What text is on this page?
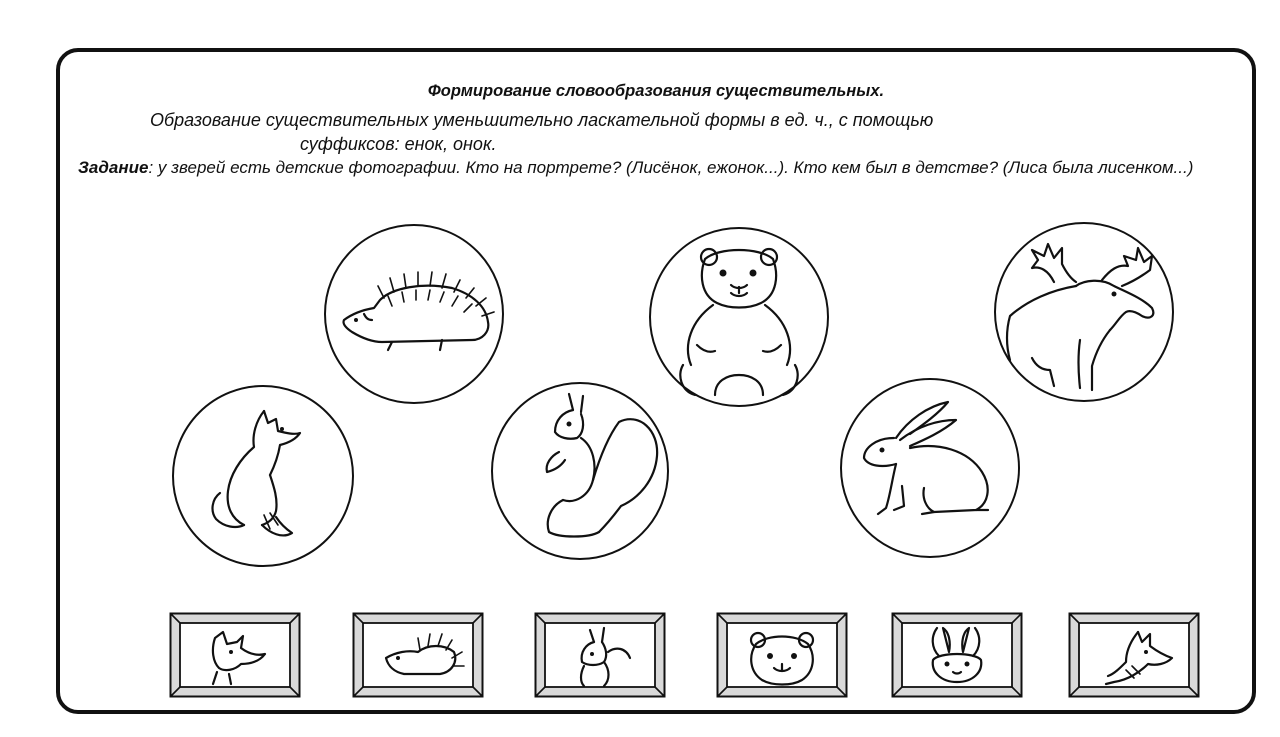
Формирование словообразования существительных.

Образование существительных уменьшительно ласкательной формы в ед. ч., с помощью
суффиксов: енок, онок.

Задание: у зверей есть детские фотографии. Кто на портрете? (Лисёнок, ежонок...). Кто кем был в детстве? (Лиса была лисенком...)
